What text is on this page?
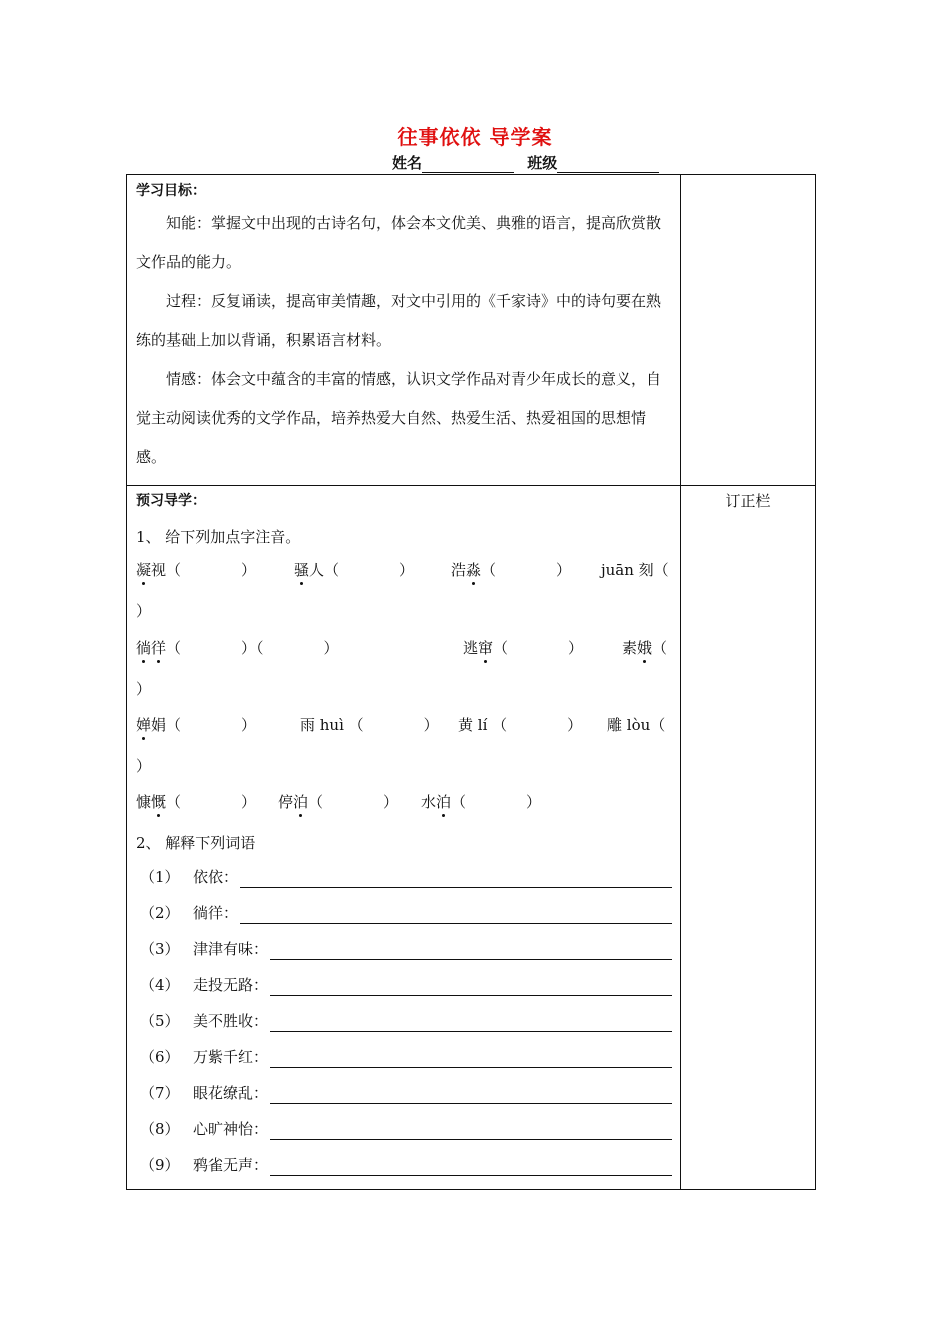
往事依依 导学案
姓名	班级
学习目标：
知能：掌握文中出现的古诗名句，体会本文优美、典雅的语言，提高欣赏散文作品的能力。
过程：反复诵读，提高审美情趣，对文中引用的《千家诗》中的诗句要在熟练的基础上加以背诵，积累语言材料。
情感：体会文中蕴含的丰富的情感，认识文学作品对青少年成长的意义，自觉主动阅读优秀的文学作品，培养热爱大自然、热爱生活、热爱祖国的思想情感。
预习导学：	订正栏
1、 给下列加点字注音。
凝视（　　　　）	骚人（　　　　） 浩淼（　　　　） juān 刻（
）
徜徉（　　　　）（　　　　）	逃窜（　　　　）	素娥（
）
婵娟（　　　　）	雨 huì （　　　　） 黄 lí （　　　　） 雕 lòu（
）
慷慨（　　　　） 停泊（　　　　） 水泊（　　　　）
2、 解释下列词语
（1） 依依：
（2） 徜徉：
（3） 津津有味：
（4） 走投无路：
（5） 美不胜收：
（6） 万紫千红：
（7） 眼花缭乱：
（8） 心旷神怡：
（9） 鸦雀无声：
